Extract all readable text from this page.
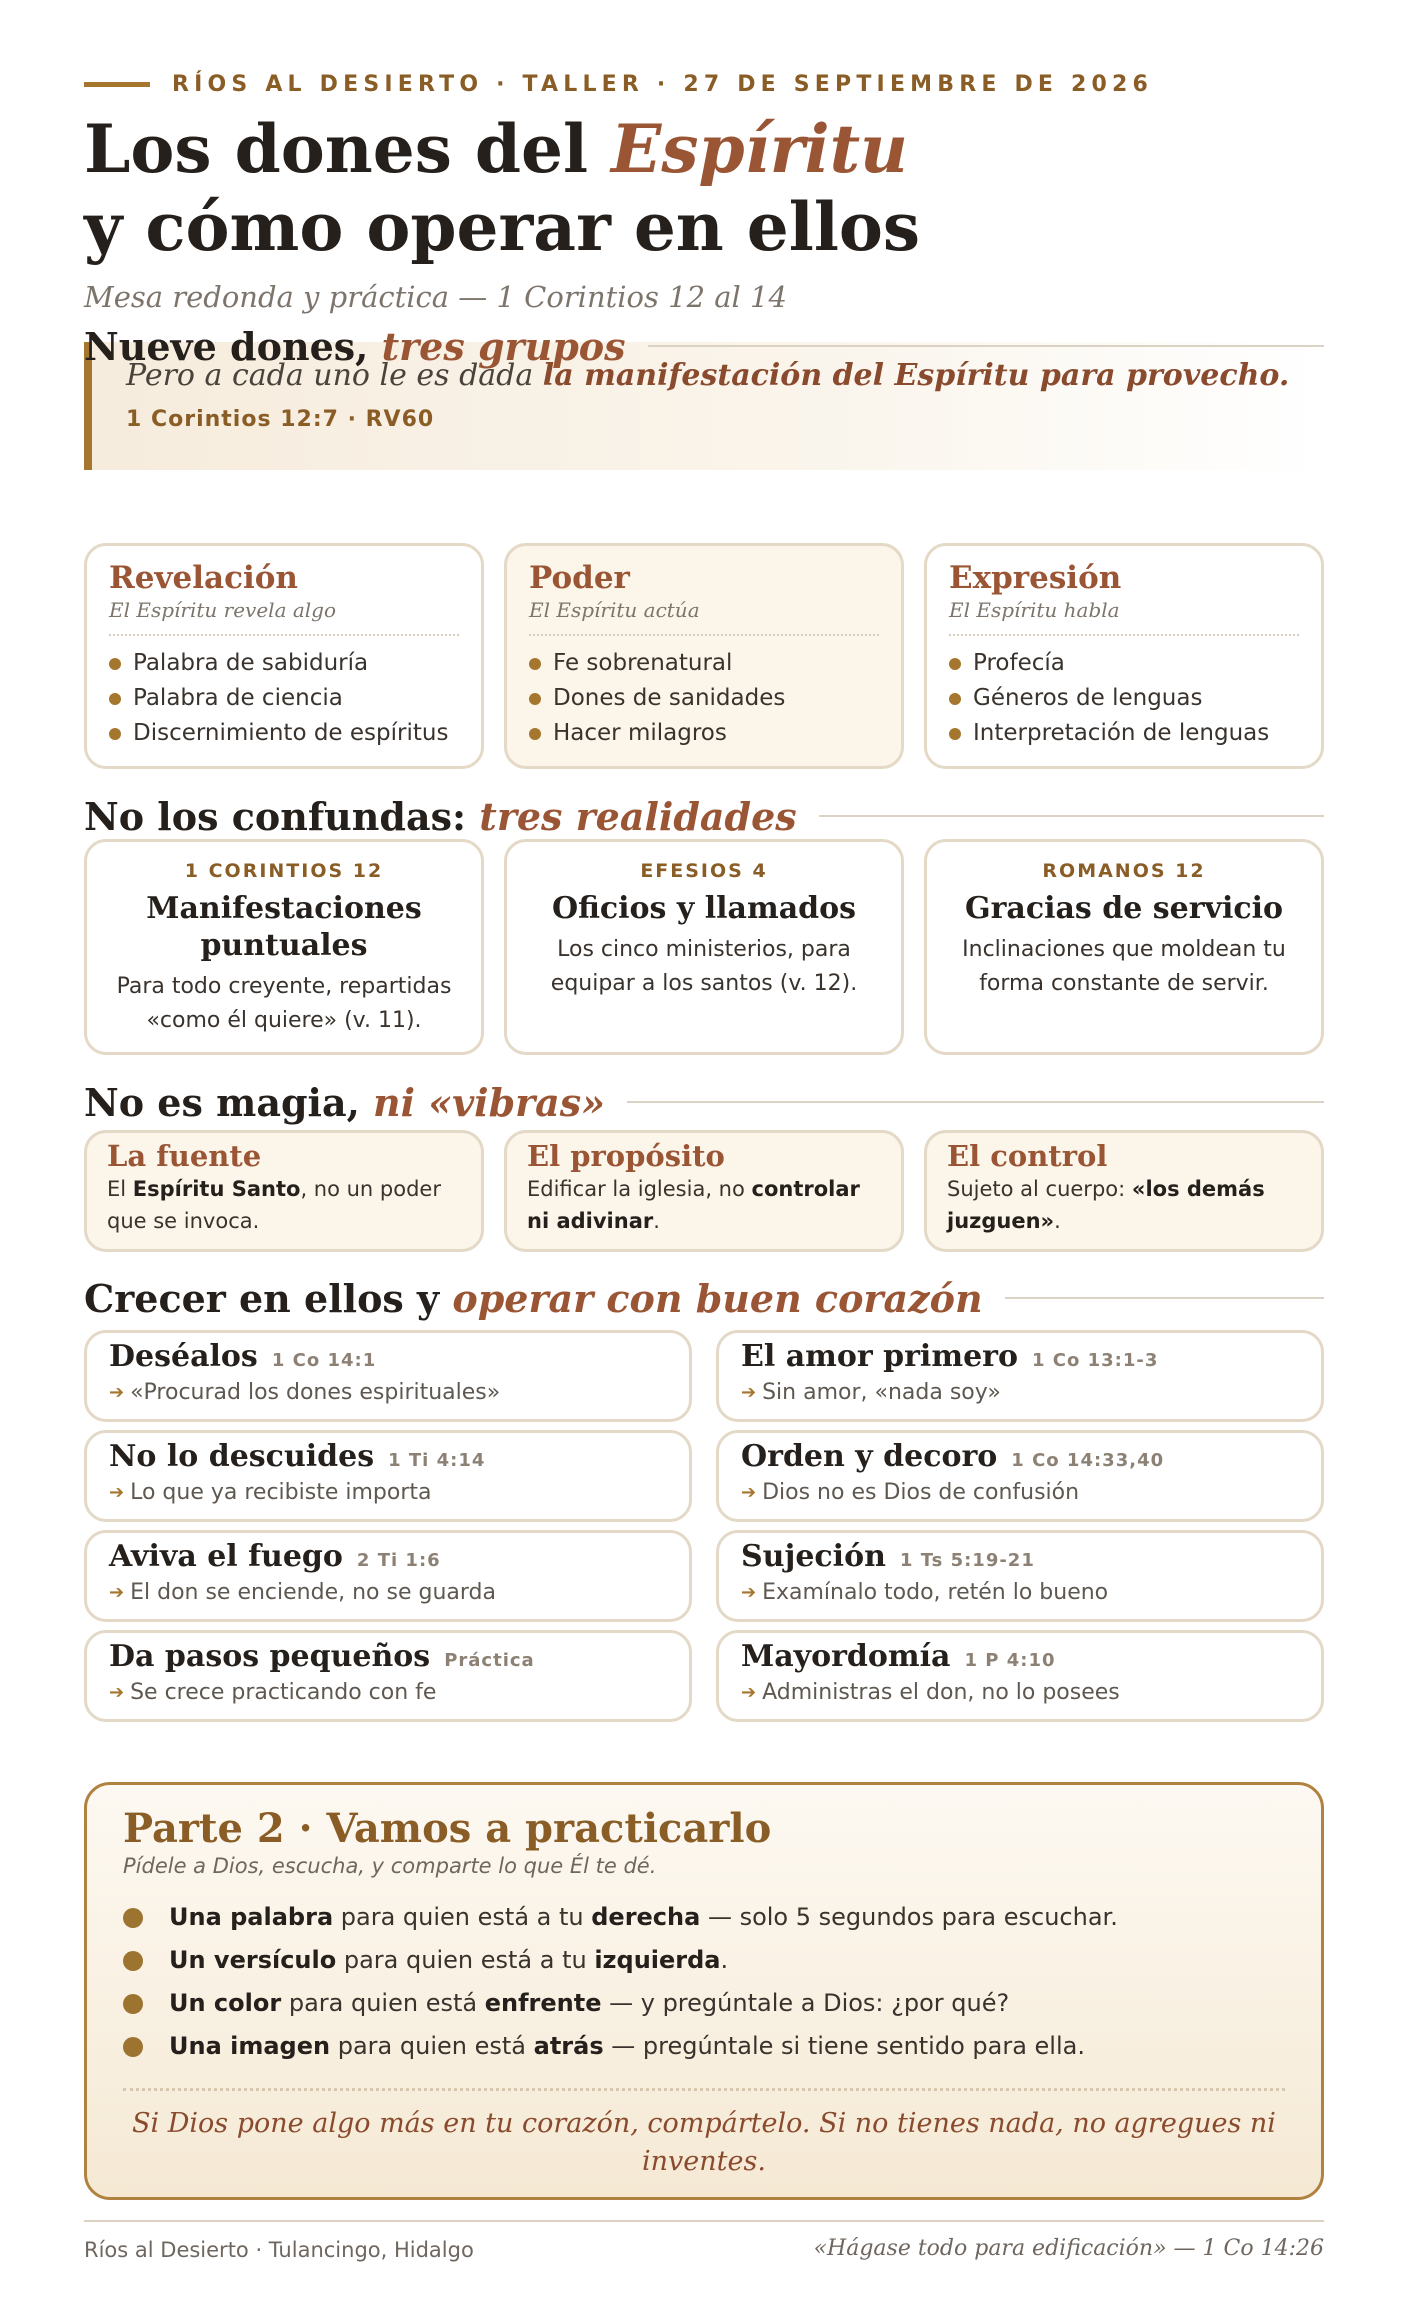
RÍOS AL DESIERTO · TALLER · 27 DE SEPTIEMBRE DE 2026
Los dones del Espíritu
y cómo operar en ellos
Mesa redonda y práctica — 1 Corintios 12 al 14
Pero a cada uno le es dada la manifestación del Espíritu para provecho.
1 Corintios 12:7 · RV60
Nueve dones, tres grupos
Revelación
El Espíritu revela algo
Palabra de sabiduría
Palabra de ciencia
Discernimiento de espíritus
Poder
El Espíritu actúa
Fe sobrenatural
Dones de sanidades
Hacer milagros
Expresión
El Espíritu habla
Profecía
Géneros de lenguas
Interpretación de lenguas
No los confundas: tres realidades
1 CORINTIOS 12
Manifestaciones puntuales
Para todo creyente, repartidas «como él quiere» (v. 11).
EFESIOS 4
Oficios y llamados
Los cinco ministerios, para equipar a los santos (v. 12).
ROMANOS 12
Gracias de servicio
Inclinaciones que moldean tu forma constante de servir.
No es magia, ni «vibras»
La fuente
El Espíritu Santo, no un poder que se invoca.
El propósito
Edificar la iglesia, no controlar ni adivinar.
El control
Sujeto al cuerpo: «los demás juzguen».
Crecer en ellos y operar con buen corazón
Deséalos 1 Co 14:1
➔ «Procurad los dones espirituales»
El amor primero 1 Co 13:1-3
➔ Sin amor, «nada soy»
No lo descuides 1 Ti 4:14
➔ Lo que ya recibiste importa
Orden y decoro 1 Co 14:33,40
➔ Dios no es Dios de confusión
Aviva el fuego 2 Ti 1:6
➔ El don se enciende, no se guarda
Sujeción 1 Ts 5:19-21
➔ Examínalo todo, retén lo bueno
Da pasos pequeños Práctica
➔ Se crece practicando con fe
Mayordomía 1 P 4:10
➔ Administras el don, no lo posees
Parte 2 · Vamos a practicarlo
Pídele a Dios, escucha, y comparte lo que Él te dé.
Una palabra para quien está a tu derecha — solo 5 segundos para escuchar.
Un versículo para quien está a tu izquierda.
Un color para quien está enfrente — y pregúntale a Dios: ¿por qué?
Una imagen para quien está atrás — pregúntale si tiene sentido para ella.
Si Dios pone algo más en tu corazón, compártelo. Si no tienes nada, no agregues ni inventes.
Ríos al Desierto · Tulancingo, Hidalgo	«Hágase todo para edificación» — 1 Co 14:26
